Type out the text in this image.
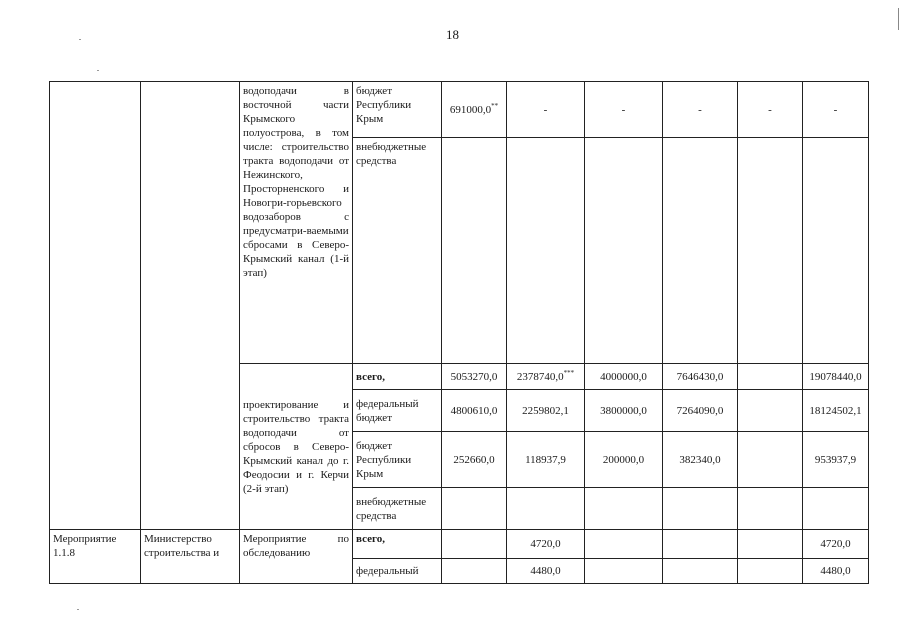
18
		водоподачи в восточной части Крымского полуострова, в том числе: строительство тракта водоподачи от Нежинского, Просторненского и Новогри-горьевского водозаборов с предусматри-ваемыми сбросами в Северо-Крымский канал (1-й этап)	бюджет Республики Крым	691000,0**	-	-	-	-	-
			внебюджетные средства						
		проектирование и строительство тракта водоподачи от сбросов в Северо-Крымский канал до г. Феодосии и г. Керчи (2-й этап)	всего,	5053270,0	2378740,0***	4000000,0	7646430,0		19078440,0
			федеральный бюджет	4800610,0	2259802,1	3800000,0	7264090,0		18124502,1
			бюджет Республики Крым	252660,0	118937,9	200000,0	382340,0		953937,9
			внебюджетные средства						

Мероприятие 1.1.8	Министерство строительства и	Мероприятие по обследованию	всего,		4720,0				4720,0
			федеральный		4480,0				4480,0
